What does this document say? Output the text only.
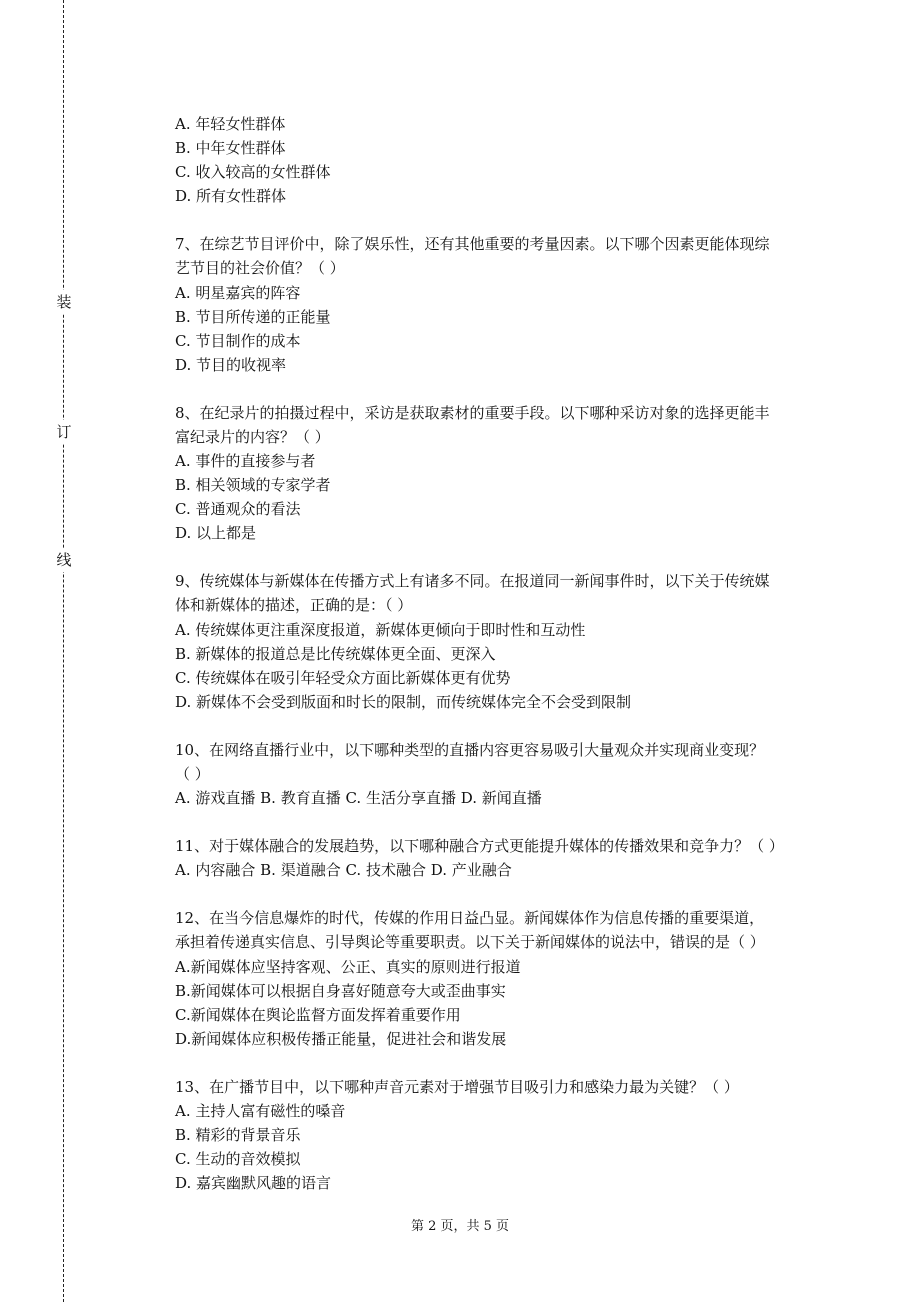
装
订
线
A. 年轻女性群体
B. 中年女性群体
C. 收入较高的女性群体
D. 所有女性群体
7、在综艺节目评价中，除了娱乐性，还有其他重要的考量因素。以下哪个因素更能体现综
艺节目的社会价值？（ ）
A. 明星嘉宾的阵容
B. 节目所传递的正能量
C. 节目制作的成本
D. 节目的收视率
8、在纪录片的拍摄过程中，采访是获取素材的重要手段。以下哪种采访对象的选择更能丰
富纪录片的内容？（ ）
A. 事件的直接参与者
B. 相关领域的专家学者
C. 普通观众的看法
D. 以上都是
9、传统媒体与新媒体在传播方式上有诸多不同。在报道同一新闻事件时，以下关于传统媒
体和新媒体的描述，正确的是：（ ）
A. 传统媒体更注重深度报道，新媒体更倾向于即时性和互动性
B. 新媒体的报道总是比传统媒体更全面、更深入
C. 传统媒体在吸引年轻受众方面比新媒体更有优势
D. 新媒体不会受到版面和时长的限制，而传统媒体完全不会受到限制
10、在网络直播行业中，以下哪种类型的直播内容更容易吸引大量观众并实现商业变现？
（ ）
A. 游戏直播 B. 教育直播 C. 生活分享直播 D. 新闻直播
11、对于媒体融合的发展趋势，以下哪种融合方式更能提升媒体的传播效果和竞争力？（ ）
A. 内容融合 B. 渠道融合 C. 技术融合 D. 产业融合
12、在当今信息爆炸的时代，传媒的作用日益凸显。新闻媒体作为信息传播的重要渠道，
承担着传递真实信息、引导舆论等重要职责。以下关于新闻媒体的说法中，错误的是（ ）
A.新闻媒体应坚持客观、公正、真实的原则进行报道
B.新闻媒体可以根据自身喜好随意夸大或歪曲事实
C.新闻媒体在舆论监督方面发挥着重要作用
D.新闻媒体应积极传播正能量，促进社会和谐发展
13、在广播节目中，以下哪种声音元素对于增强节目吸引力和感染力最为关键？（ ）
A. 主持人富有磁性的嗓音
B. 精彩的背景音乐
C. 生动的音效模拟
D. 嘉宾幽默风趣的语言
第 2 页，共 5 页
